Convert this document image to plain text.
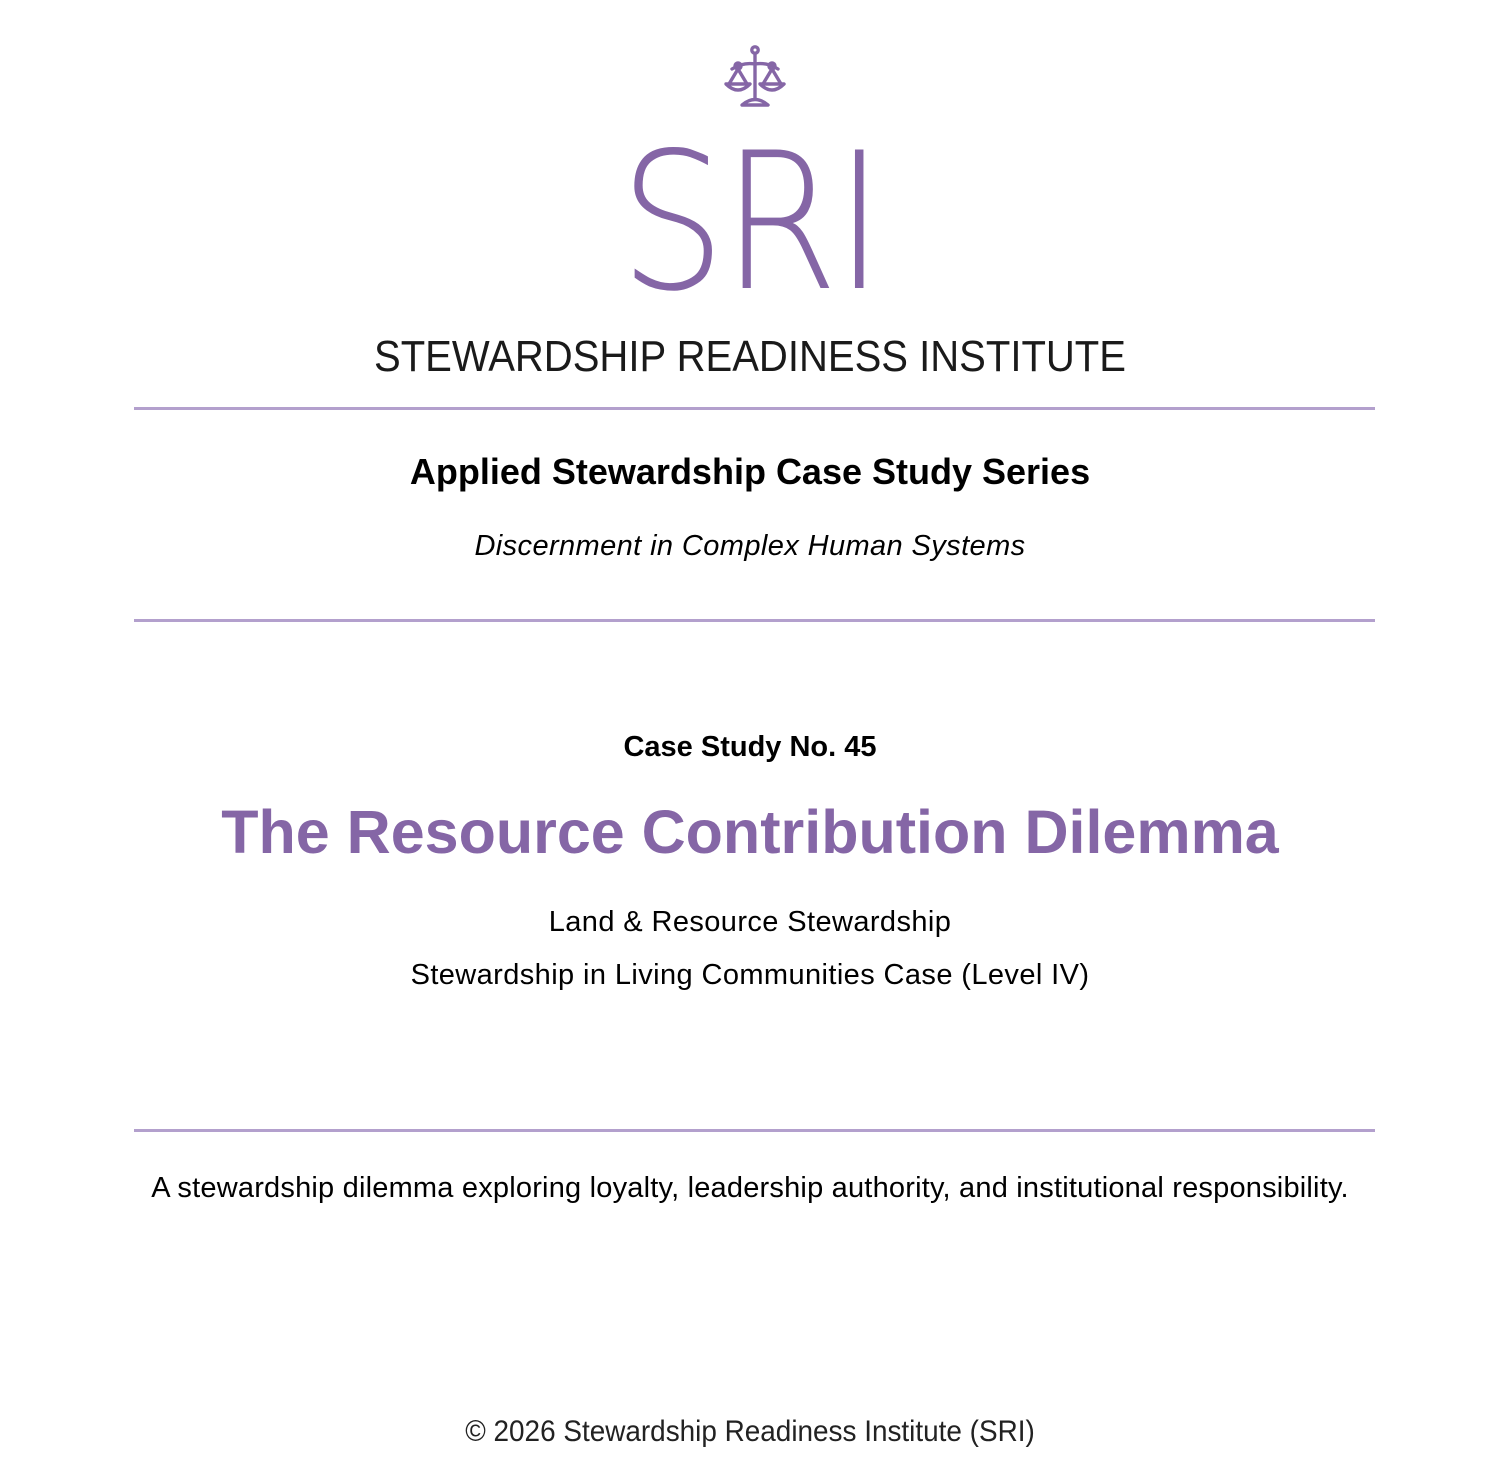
SRI
STEWARDSHIP READINESS INSTITUTE
Applied Stewardship Case Study Series
Discernment in Complex Human Systems
Case Study No. 45
The Resource Contribution Dilemma
Land & Resource Stewardship
Stewardship in Living Communities Case (Level IV)
A stewardship dilemma exploring loyalty, leadership authority, and institutional responsibility.
© 2026 Stewardship Readiness Institute (SRI)
